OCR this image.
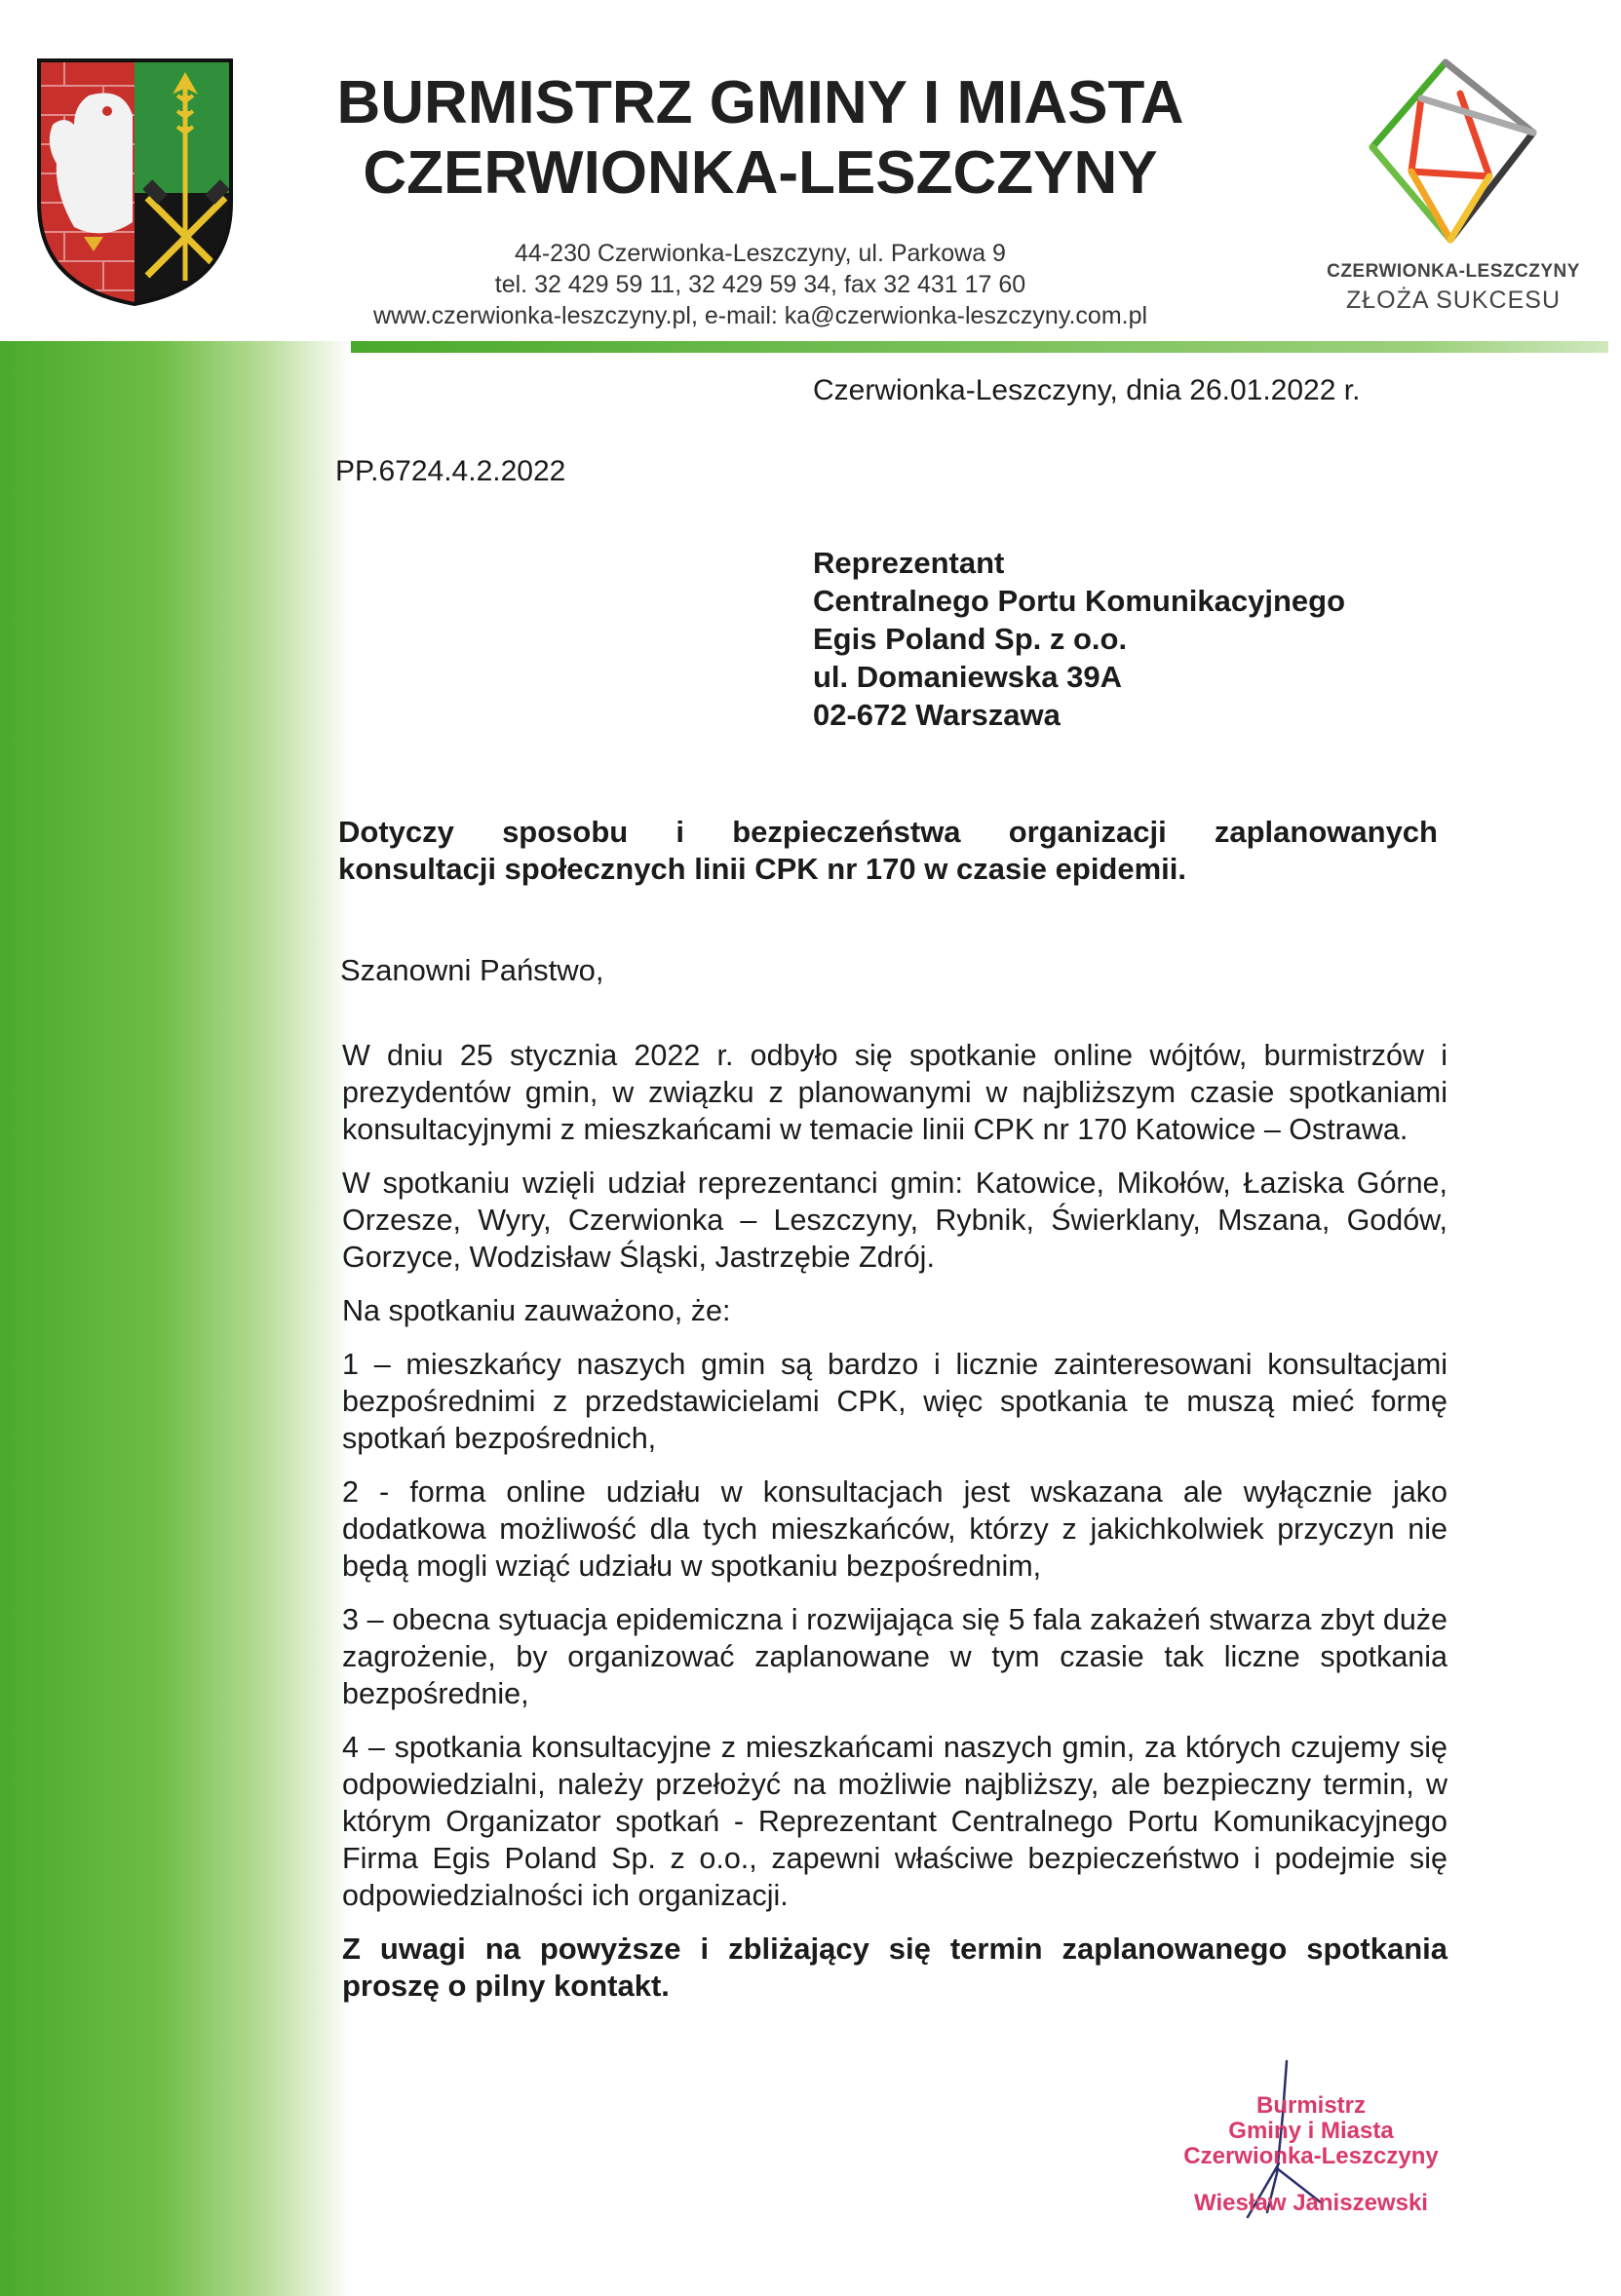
BURMISTRZ GMINY I MIASTA
CZERWIONKA-LESZCZYNY
44-230 Czerwionka-Leszczyny, ul. Parkowa 9
tel. 32 429 59 11, 32 429 59 34, fax 32 431 17 60
www.czerwionka-leszczyny.pl, e-mail: ka@czerwionka-leszczyny.com.pl
CZERWIONKA-LESZCZYNY
ZŁOŻA SUKCESU
Czerwionka-Leszczyny, dnia 26.01.2022 r.
PP.6724.4.2.2022
Reprezentant
Centralnego Portu Komunikacyjnego
Egis Poland Sp. z o.o.
ul. Domaniewska 39A
02-672 Warszawa
Dotyczy sposobu i bezpieczeństwa organizacji zaplanowanych
konsultacji społecznych linii CPK nr 170 w czasie epidemii.
Szanowni Państwo,

W dniu 25 stycznia 2022 r. odbyło się spotkanie online wójtów, burmistrzów i prezydentów gmin, w związku z planowanymi w najbliższym czasie spotkaniami konsultacyjnymi z mieszkańcami w temacie linii CPK nr 170 Katowice – Ostrawa.

W spotkaniu wzięli udział reprezentanci gmin: Katowice, Mikołów, Łaziska Górne, Orzesze, Wyry, Czerwionka – Leszczyny, Rybnik, Świerklany, Mszana, Godów, Gorzyce, Wodzisław Śląski, Jastrzębie Zdrój.

Na spotkaniu zauważono, że:

1 – mieszkańcy naszych gmin są bardzo i licznie zainteresowani konsultacjami bezpośrednimi z przedstawicielami CPK, więc spotkania te muszą mieć formę spotkań bezpośrednich,

2 - forma online udziału w konsultacjach jest wskazana ale wyłącznie jako dodatkowa możliwość dla tych mieszkańców, którzy z jakichkolwiek przyczyn nie będą mogli wziąć udziału w spotkaniu bezpośrednim,

3 – obecna sytuacja epidemiczna i rozwijająca się 5 fala zakażeń stwarza zbyt duże zagrożenie, by organizować zaplanowane w tym czasie tak liczne spotkania bezpośrednie,

4 – spotkania konsultacyjne z mieszkańcami naszych gmin, za których czujemy się odpowiedzialni, należy przełożyć na możliwie najbliższy, ale bezpieczny termin, w którym Organizator spotkań - Reprezentant Centralnego Portu Komunikacyjnego Firma Egis Poland Sp. z o.o., zapewni właściwe bezpieczeństwo i podejmie się odpowiedzialności ich organizacji.

Z uwagi na powyższe i zbliżający się termin zaplanowanego spotkania proszę o pilny kontakt.

Burmistrz
Gminy i Miasta
Czerwionka-Leszczyny
Wiesław Janiszewski
